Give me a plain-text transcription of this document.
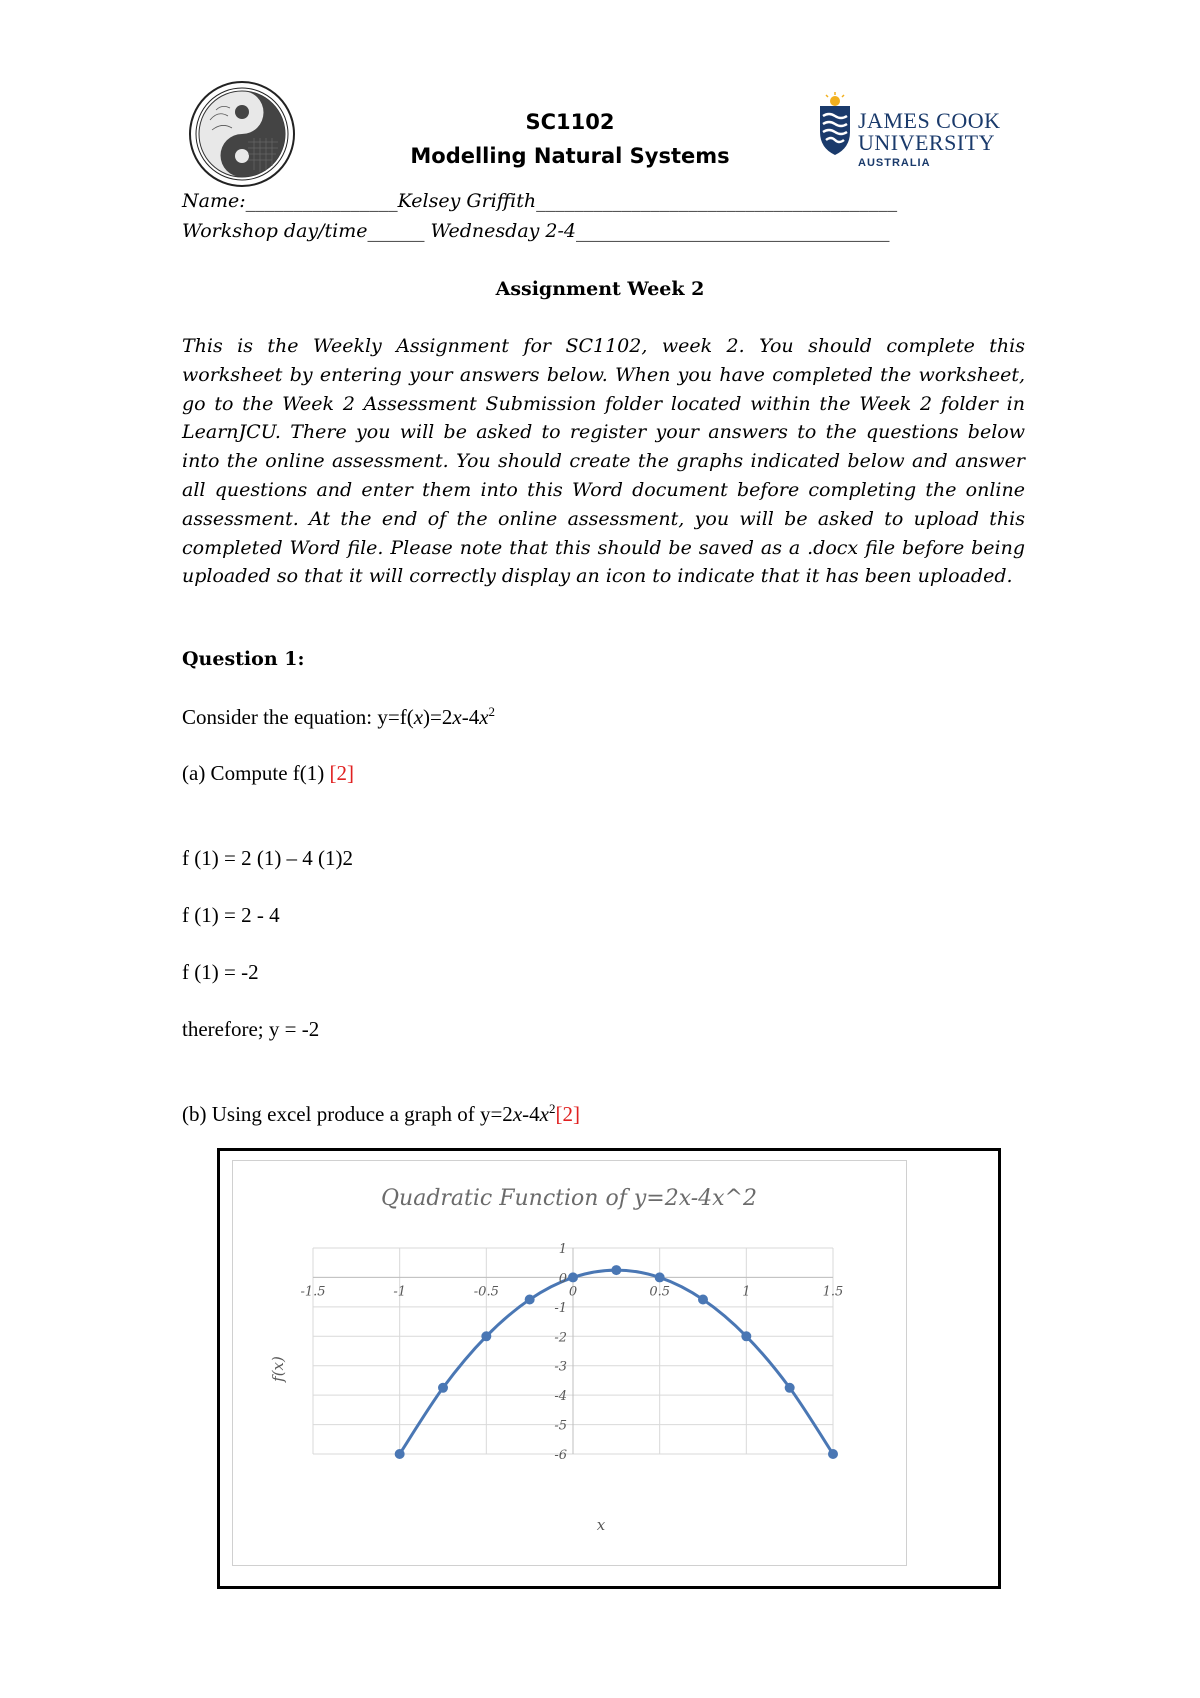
SC1102
Modelling Natural Systems
JAMES COOK
UNIVERSITY
AUSTRALIA
Name:________________Kelsey Griffith______________________________________
Workshop day/time______ Wednesday 2-4_________________________________
Assignment Week 2
This is the Weekly Assignment for SC1102, week 2. You should complete this worksheet by entering your answers below. When you have completed the worksheet, go to the Week 2 Assessment Submission folder located within the Week 2 folder in LearnJCU. There you will be asked to register your answers to the questions below into the online assessment. You should create the graphs indicated below and answer all questions and enter them into this Word document before completing the online assessment. At the end of the online assessment, you will be asked to upload this completed Word file. Please note that this should be saved as a .docx file before being uploaded so that it will correctly display an icon to indicate that it has been uploaded.
Question 1:
Consider the equation: $y=f(x)=2x-4x^2$
(a) Compute f(1) [2]
f (1) = 2 (1) – 4 (1)2
f (1) = 2 - 4
f (1) = -2
therefore; y = -2
(b) Using excel produce a graph of $y=2x-4x^2[2]$
Quadratic Function of y=2x-4x^2
-1.5	-1	-0.5	0	0.5	1	1.5
1
0
-1
-2
-3
-4
-5
-6
f(x)
x
